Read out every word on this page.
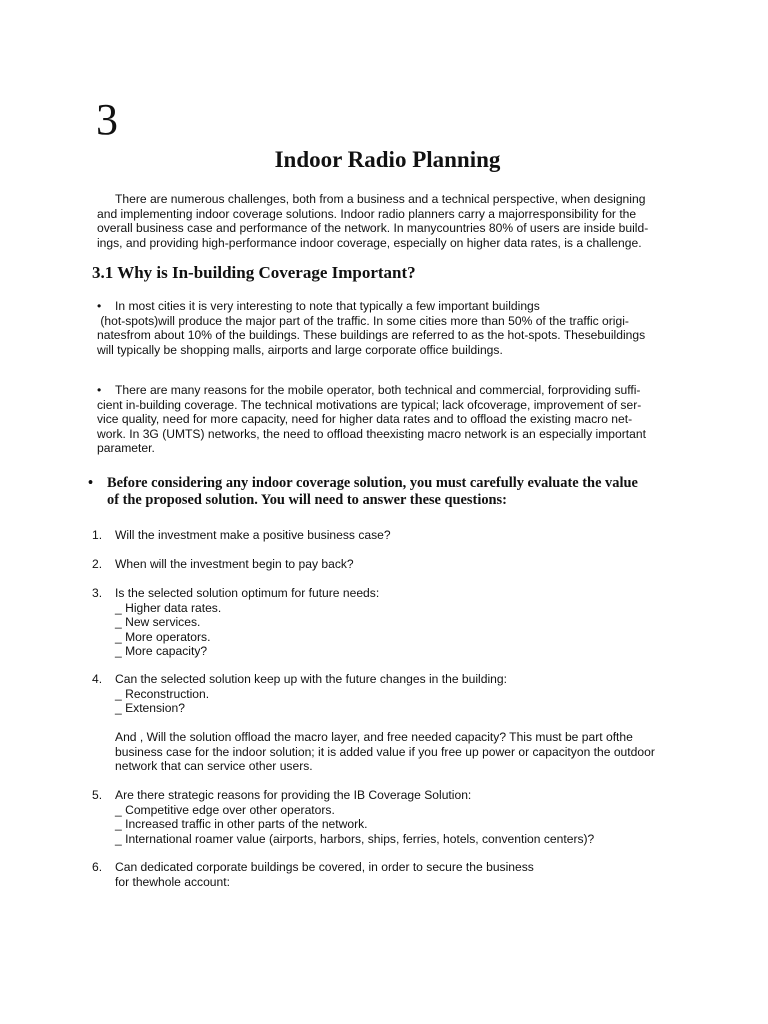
3
Indoor Radio Planning

There are numerous challenges, both from a business and a technical perspective, when designing
and implementing indoor coverage solutions. Indoor radio planners carry a majorresponsibility for the
overall business case and performance of the network. In manycountries 80% of users are inside build-
ings, and providing high-performance indoor coverage, especially on higher data rates, is a challenge.

3.1 Why is In-building Coverage Important?

• In most cities it is very interesting to note that typically a few important buildings
(hot-spots)will produce the major part of the traffic. In some cities more than 50% of the traffic origi-
natesfrom about 10% of the buildings. These buildings are referred to as the hot-spots. Thesebuildings
will typically be shopping malls, airports and large corporate office buildings.

• There are many reasons for the mobile operator, both technical and commercial, forproviding suffi-
cient in-building coverage. The technical motivations are typical; lack ofcoverage, improvement of ser-
vice quality, need for more capacity, need for higher data rates and to offload the existing macro net-
work. In 3G (UMTS) networks, the need to offload theexisting macro network is an especially important
parameter.

• Before considering any indoor coverage solution, you must carefully evaluate the value
of the proposed solution. You will need to answer these questions:

1. Will the investment make a positive business case?
2. When will the investment begin to pay back?
3. Is the selected solution optimum for future needs:
_ Higher data rates.
_ New services.
_ More operators.
_ More capacity?
4. Can the selected solution keep up with the future changes in the building:
_ Reconstruction.
_ Extension?
And , Will the solution offload the macro layer, and free needed capacity? This must be part ofthe
business case for the indoor solution; it is added value if you free up power or capacityon the outdoor
network that can service other users.
5. Are there strategic reasons for providing the IB Coverage Solution:
_ Competitive edge over other operators.
_ Increased traffic in other parts of the network.
_ International roamer value (airports, harbors, ships, ferries, hotels, convention centers)?
6. Can dedicated corporate buildings be covered, in order to secure the business
for thewhole account:
